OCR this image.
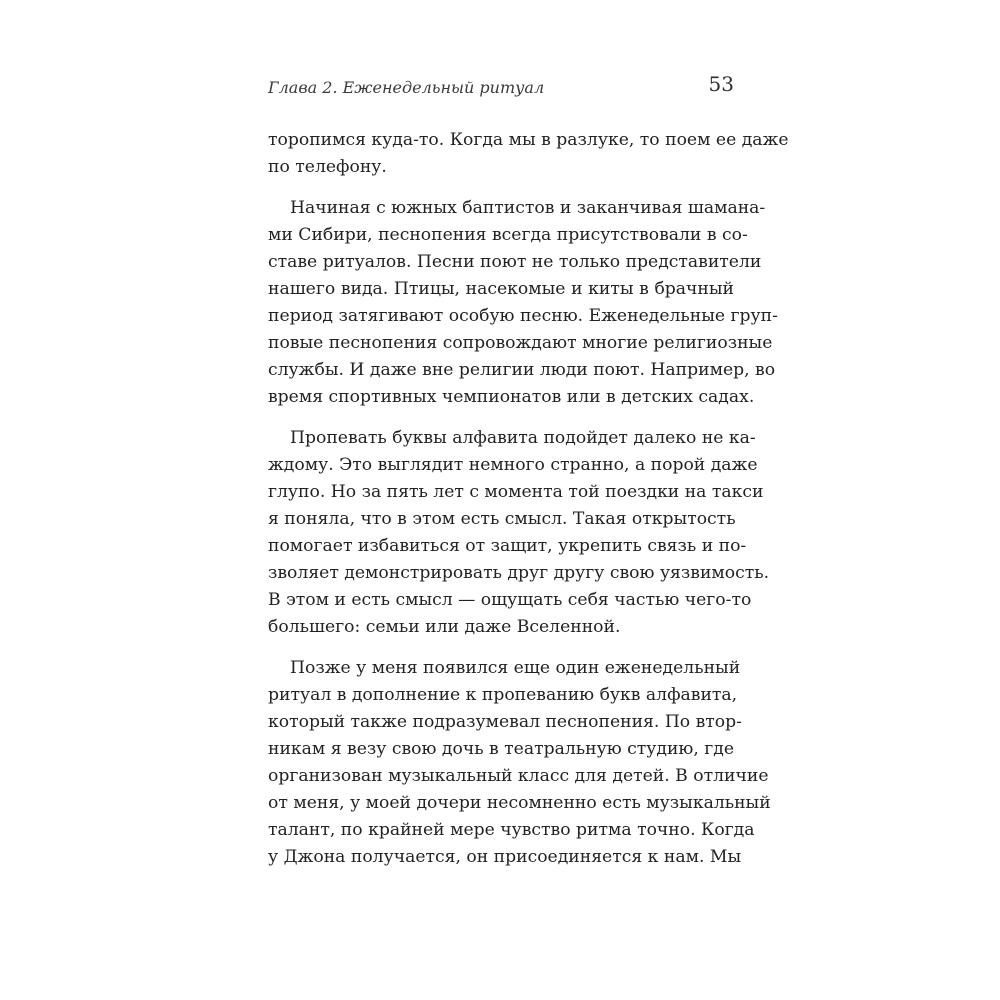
Глава 2. Еженедельный ритуал	53

торопимся куда-то. Когда мы в разлуке, то поем ее даже
по телефону.

Начиная с южных баптистов и заканчивая шамана-
ми Сибири, песнопения всегда присутствовали в со-
ставе ритуалов. Песни поют не только представители
нашего вида. Птицы, насекомые и киты в брачный
период затягивают особую песню. Еженедельные груп-
повые песнопения сопровождают многие религиозные
службы. И даже вне религии люди поют. Например, во
время спортивных чемпионатов или в детских садах.

Пропевать буквы алфавита подойдет далеко не ка-
ждому. Это выглядит немного странно, а порой даже
глупо. Но за пять лет с момента той поездки на такси
я поняла, что в этом есть смысл. Такая открытость
помогает избавиться от защит, укрепить связь и по-
зволяет демонстрировать друг другу свою уязвимость.
В этом и есть смысл — ощущать себя частью чего-то
большего: семьи или даже Вселенной.

Позже у меня появился еще один еженедельный
ритуал в дополнение к пропеванию букв алфавита,
который также подразумевал песнопения. По втор-
никам я везу свою дочь в театральную студию, где
организован музыкальный класс для детей. В отличие
от меня, у моей дочери несомненно есть музыкальный
талант, по крайней мере чувство ритма точно. Когда
у Джона получается, он присоединяется к нам. Мы
